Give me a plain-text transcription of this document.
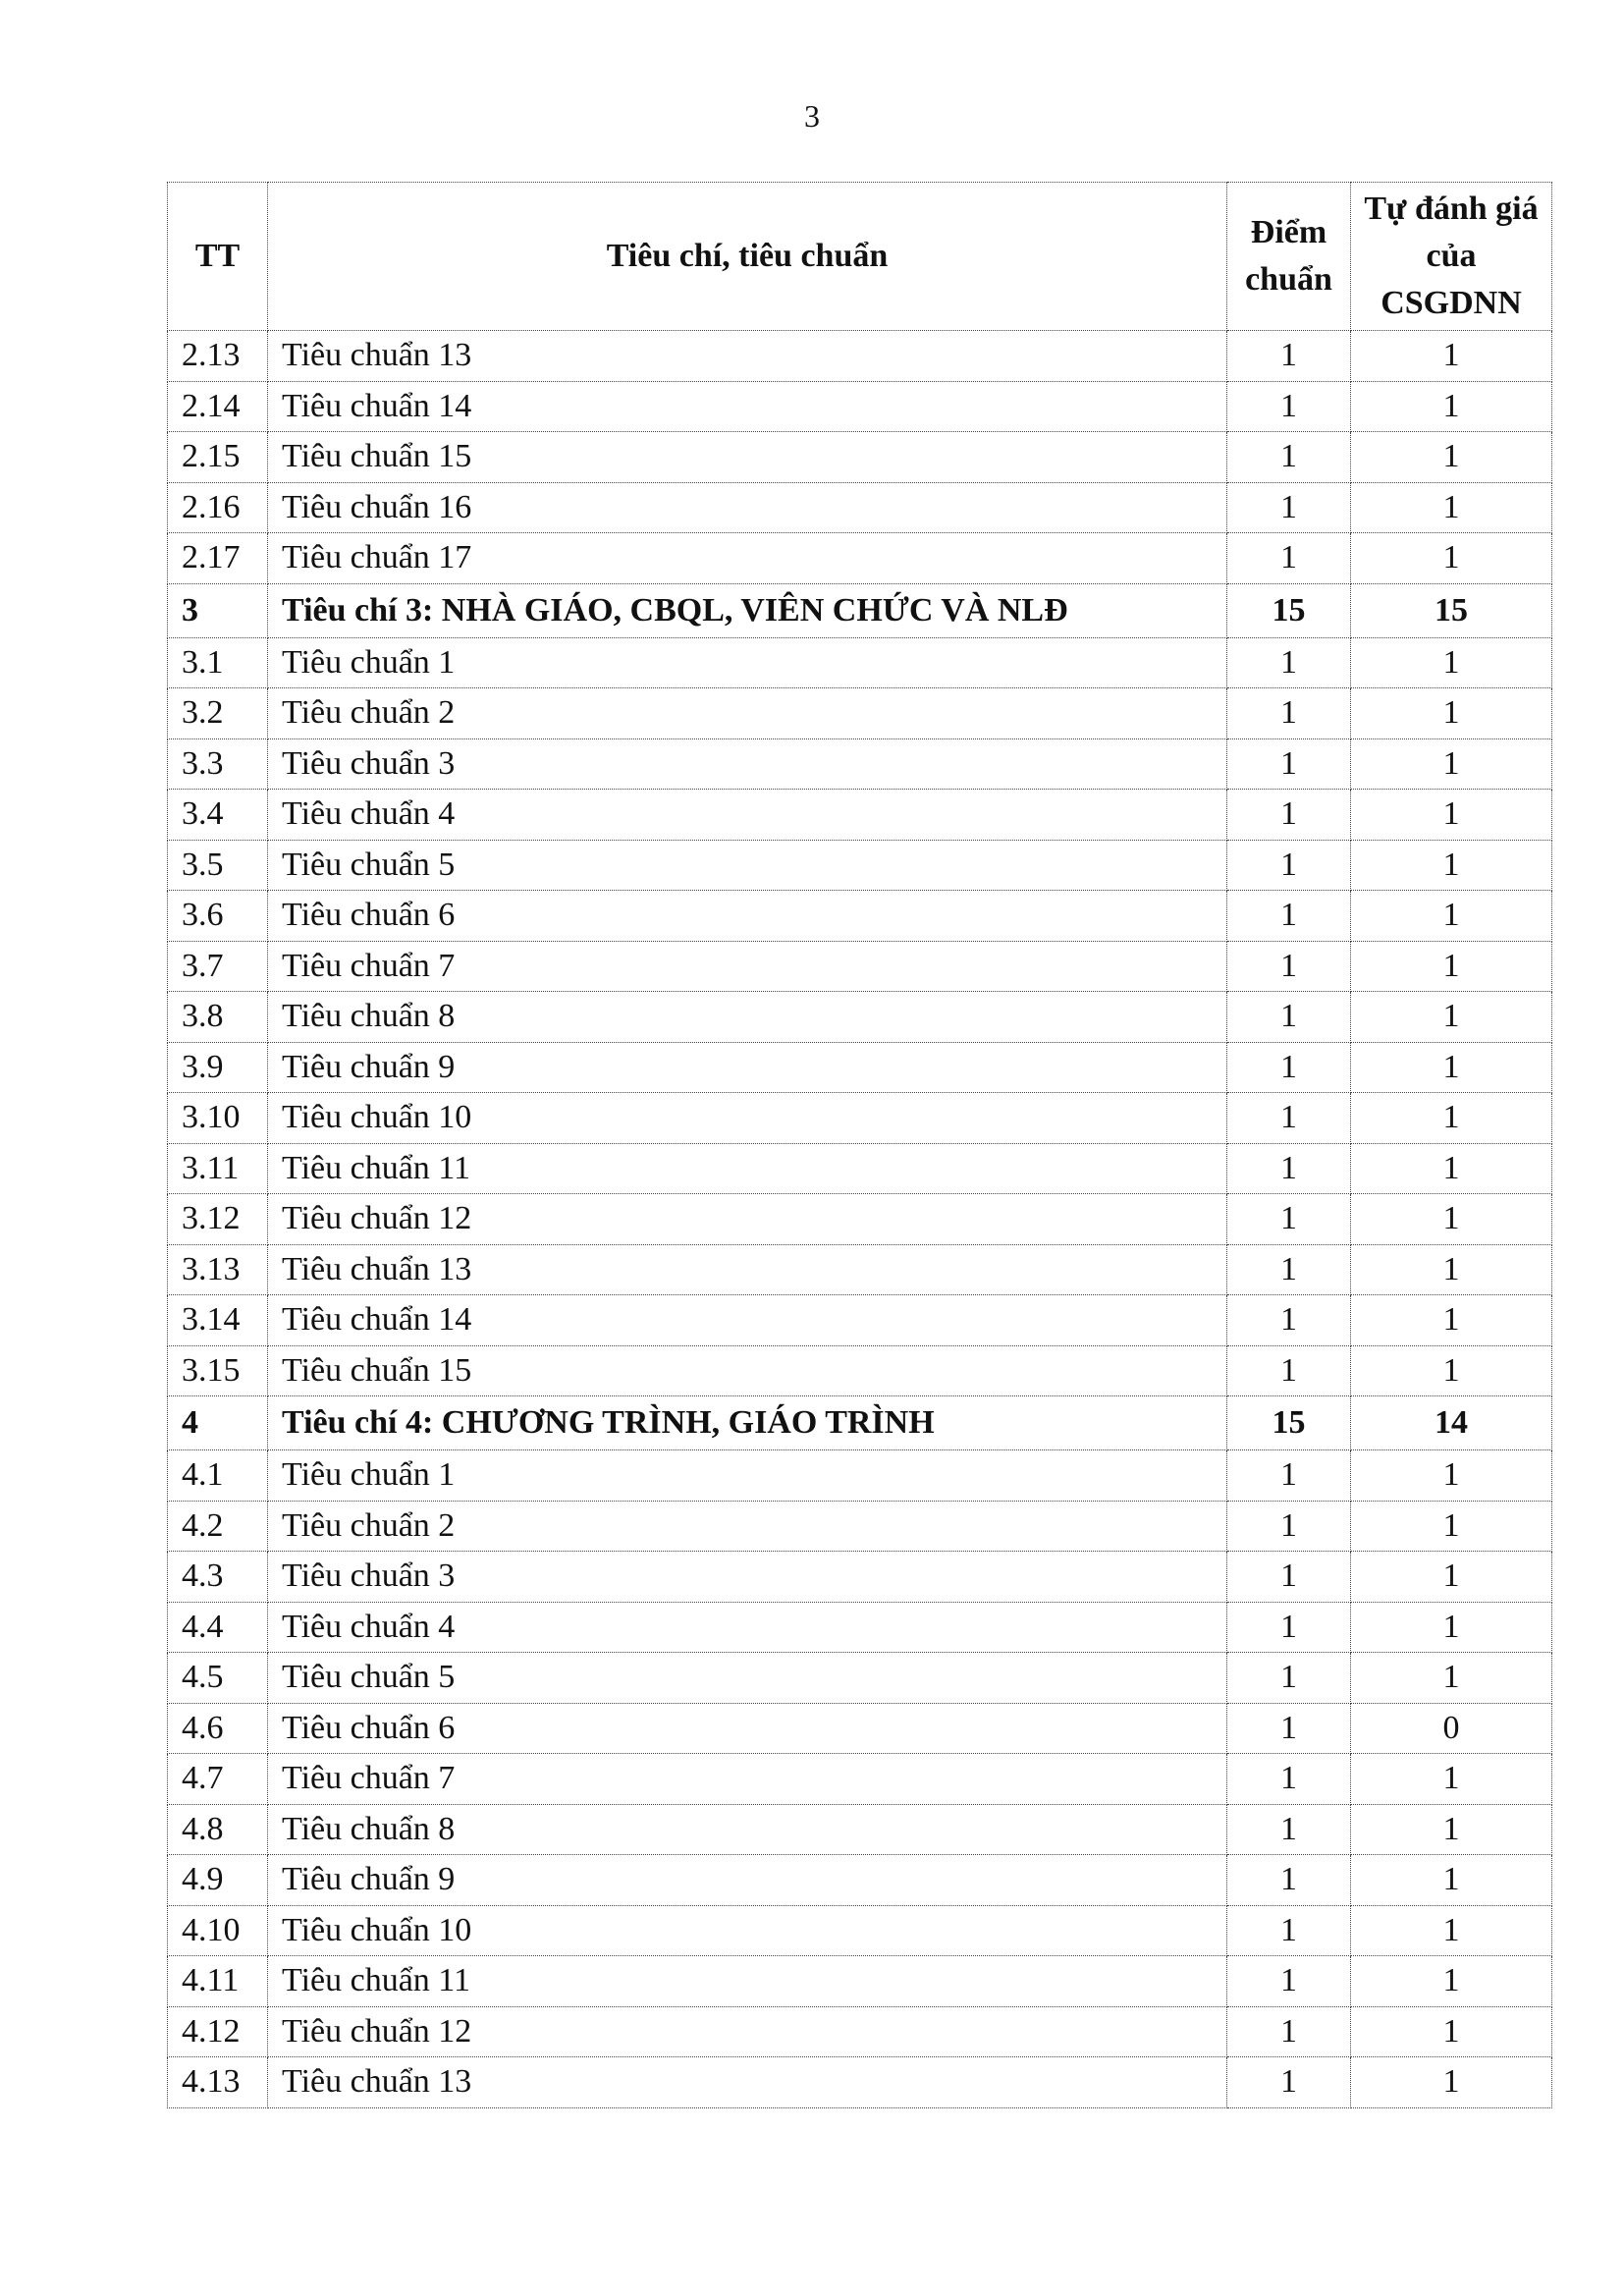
3
TT	Tiêu chí, tiêu chuẩn	Điểm chuẩn	Tự đánh giá của CSGDNN
2.13	Tiêu chuẩn 13	1	1
2.14	Tiêu chuẩn 14	1	1
2.15	Tiêu chuẩn 15	1	1
2.16	Tiêu chuẩn 16	1	1
2.17	Tiêu chuẩn 17	1	1
3	Tiêu chí 3: NHÀ GIÁO, CBQL, VIÊN CHỨC VÀ NLĐ	15	15
3.1	Tiêu chuẩn 1	1	1
3.2	Tiêu chuẩn 2	1	1
3.3	Tiêu chuẩn 3	1	1
3.4	Tiêu chuẩn 4	1	1
3.5	Tiêu chuẩn 5	1	1
3.6	Tiêu chuẩn 6	1	1
3.7	Tiêu chuẩn 7	1	1
3.8	Tiêu chuẩn 8	1	1
3.9	Tiêu chuẩn 9	1	1
3.10	Tiêu chuẩn 10	1	1
3.11	Tiêu chuẩn 11	1	1
3.12	Tiêu chuẩn 12	1	1
3.13	Tiêu chuẩn 13	1	1
3.14	Tiêu chuẩn 14	1	1
3.15	Tiêu chuẩn 15	1	1
4	Tiêu chí 4: CHƯƠNG TRÌNH, GIÁO TRÌNH	15	14
4.1	Tiêu chuẩn 1	1	1
4.2	Tiêu chuẩn 2	1	1
4.3	Tiêu chuẩn 3	1	1
4.4	Tiêu chuẩn 4	1	1
4.5	Tiêu chuẩn 5	1	1
4.6	Tiêu chuẩn 6	1	0
4.7	Tiêu chuẩn 7	1	1
4.8	Tiêu chuẩn 8	1	1
4.9	Tiêu chuẩn 9	1	1
4.10	Tiêu chuẩn 10	1	1
4.11	Tiêu chuẩn 11	1	1
4.12	Tiêu chuẩn 12	1	1
4.13	Tiêu chuẩn 13	1	1
